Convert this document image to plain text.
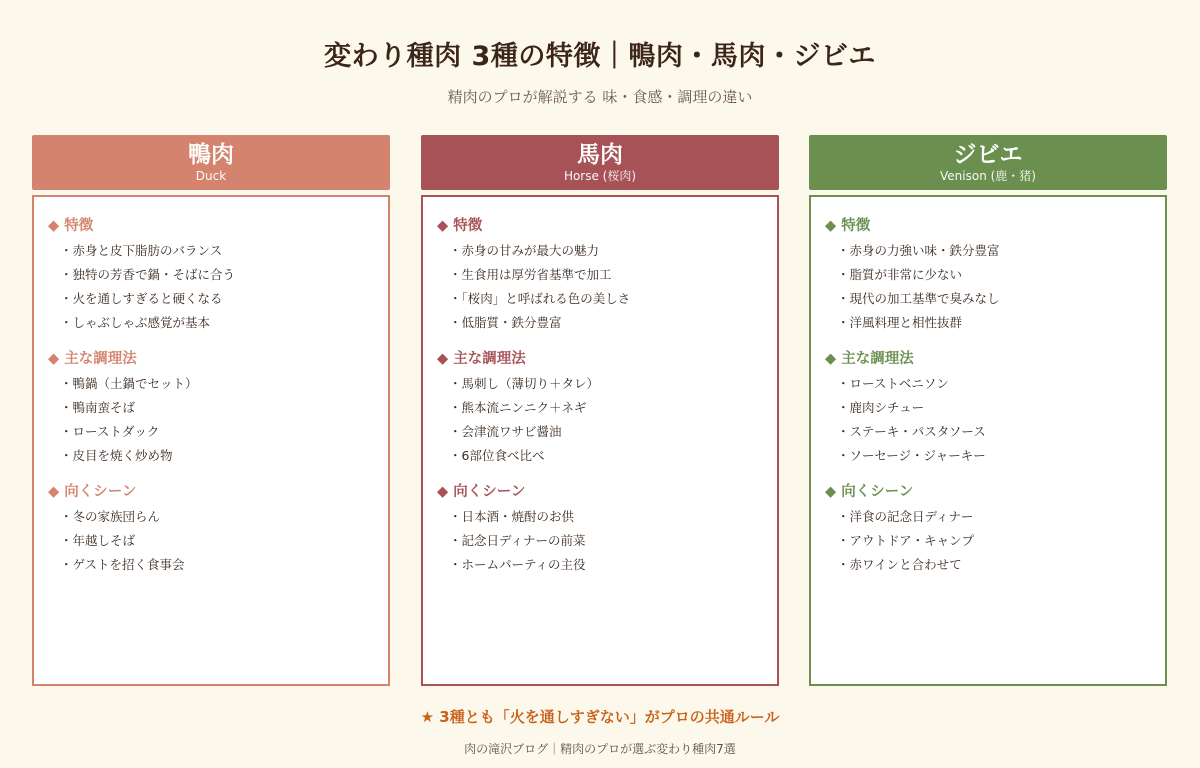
変わり種肉 3種の特徴｜鴨肉・馬肉・ジビエ
精肉のプロが解説する 味・食感・調理の違い
鴨肉
Duck
◆ 特徴
・ 赤身と皮下脂肪のバランス
・ 独特の芳香で鍋・そばに合う
・ 火を通しすぎると硬くなる
・ しゃぶしゃぶ感覚が基本
◆ 主な調理法
・ 鴨鍋（土鍋でセット）
・ 鴨南蛮そば
・ ローストダック
・ 皮目を焼く炒め物
◆ 向くシーン
・ 冬の家族団らん
・ 年越しそば
・ ゲストを招く食事会
馬肉
Horse (桜肉)
◆ 特徴
・ 赤身の甘みが最大の魅力
・ 生食用は厚労省基準で加工
・ 「桜肉」と呼ばれる色の美しさ
・ 低脂質・鉄分豊富
◆ 主な調理法
・ 馬刺し（薄切り＋タレ）
・ 熊本流ニンニク＋ネギ
・ 会津流ワサビ醤油
・ 6部位食べ比べ
◆ 向くシーン
・ 日本酒・焼酎のお供
・ 記念日ディナーの前菜
・ ホームパーティの主役
ジビエ
Venison (鹿・猪)
◆ 特徴
・ 赤身の力強い味・鉄分豊富
・ 脂質が非常に少ない
・ 現代の加工基準で臭みなし
・ 洋風料理と相性抜群
◆ 主な調理法
・ ローストベニソン
・ 鹿肉シチュー
・ ステーキ・パスタソース
・ ソーセージ・ジャーキー
◆ 向くシーン
・ 洋食の記念日ディナー
・ アウトドア・キャンプ
・ 赤ワインと合わせて
★ 3種とも「火を通しすぎない」がプロの共通ルール
肉の滝沢ブログ｜精肉のプロが選ぶ変わり種肉7選
